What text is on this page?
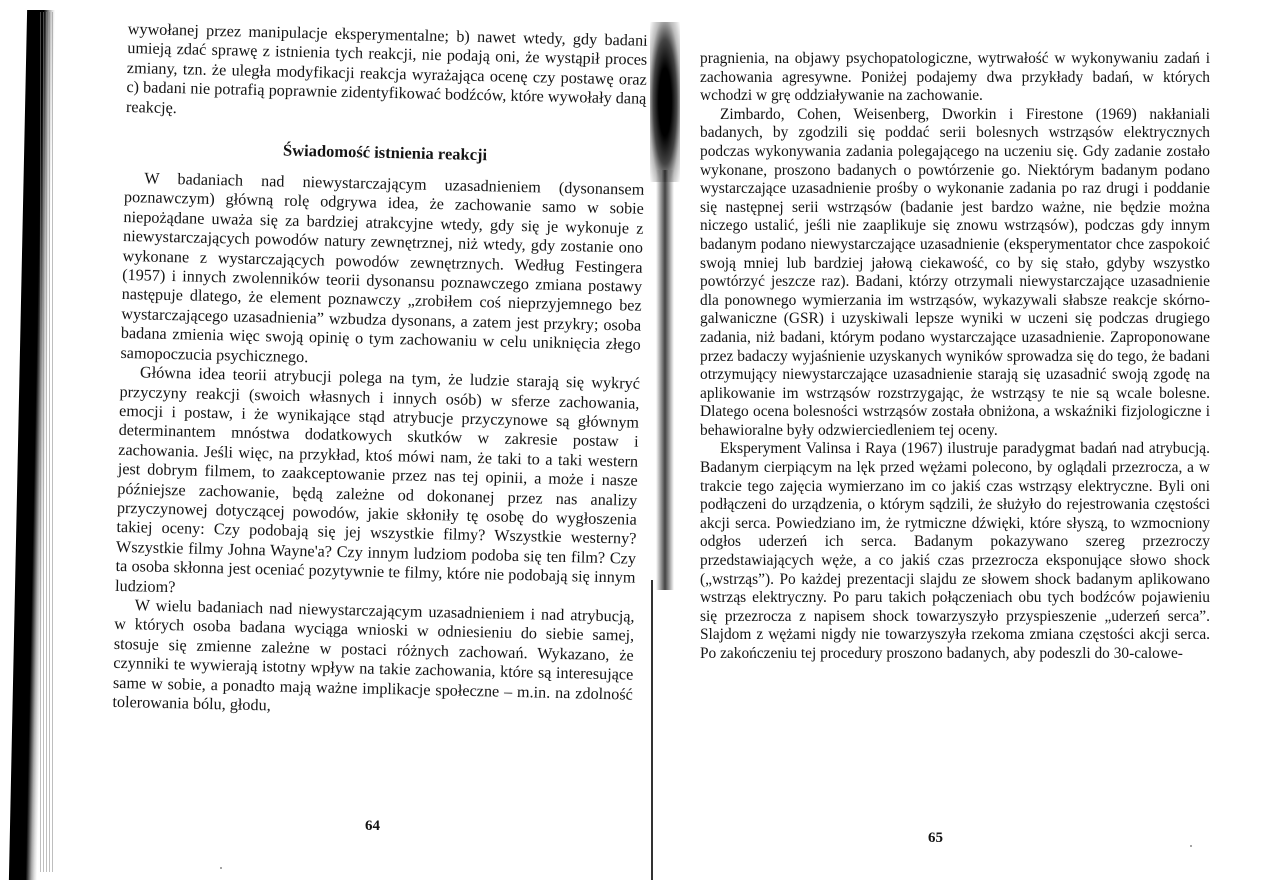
wywołanej przez manipulacje eksperymentalne; b) nawet wtedy, gdy badani umieją zdać sprawę z istnienia tych reakcji, nie podają oni, że wystąpił proces zmiany, tzn. że uległa modyfikacji reakcja wyrażająca ocenę czy postawę oraz c) badani nie potrafią poprawnie zidentyfikować bodźców, które wywołały daną reakcję.

Świadomość istnienia reakcji

W badaniach nad niewystarczającym uzasadnieniem (dysonansem poznawczym) główną rolę odgrywa idea, że zachowanie samo w sobie niepożądane uważa się za bardziej atrakcyjne wtedy, gdy się je wykonuje z niewystarczających powodów natury zewnętrznej, niż wtedy, gdy zostanie ono wykonane z wystarczających powodów zewnętrznych. Według Festingera (1957) i innych zwolenników teorii dysonansu poznawczego zmiana postawy następuje dlatego, że element poznawczy „zrobiłem coś nieprzyjemnego bez wystarczającego uzasadnienia” wzbudza dysonans, a zatem jest przykry; osoba badana zmienia więc swoją opinię o tym zachowaniu w celu uniknięcia złego samopoczucia psychicznego.

Główna idea teorii atrybucji polega na tym, że ludzie starają się wykryć przyczyny reakcji (swoich własnych i innych osób) w sferze zachowania, emocji i postaw, i że wynikające stąd atrybucje przyczynowe są głównym determinantem mnóstwa dodatkowych skutków w zakresie postaw i zachowania. Jeśli więc, na przykład, ktoś mówi nam, że taki to a taki western jest dobrym filmem, to zaakceptowanie przez nas tej opinii, a może i nasze późniejsze zachowanie, będą zależne od dokonanej przez nas analizy przyczynowej dotyczącej powodów, jakie skłoniły tę osobę do wygłoszenia takiej oceny: Czy podobają się jej wszystkie filmy? Wszystkie westerny? Wszystkie filmy Johna Wayne'a? Czy innym ludziom podoba się ten film? Czy ta osoba skłonna jest oceniać pozytywnie te filmy, które nie podobają się innym ludziom?

W wielu badaniach nad niewystarczającym uzasadnieniem i nad atrybucją, w których osoba badana wyciąga wnioski w odniesieniu do siebie samej, stosuje się zmienne zależne w postaci różnych zachowań. Wykazano, że czynniki te wywierają istotny wpływ na takie zachowania, które są interesujące same w sobie, a ponadto mają ważne implikacje społeczne – m.in. na zdolność tolerowania bólu, głodu,

64

pragnienia, na objawy psychopatologiczne, wytrwałość w wykonywaniu zadań i zachowania agresywne. Poniżej podajemy dwa przykłady badań, w których wchodzi w grę oddziaływanie na zachowanie.

Zimbardo, Cohen, Weisenberg, Dworkin i Firestone (1969) nakłaniali badanych, by zgodzili się poddać serii bolesnych wstrząsów elektrycznych podczas wykonywania zadania polegającego na uczeniu się. Gdy zadanie zostało wykonane, proszono badanych o powtórzenie go. Niektórym badanym podano wystarczające uzasadnienie prośby o wykonanie zadania po raz drugi i poddanie się następnej serii wstrząsów (badanie jest bardzo ważne, nie będzie można niczego ustalić, jeśli nie zaaplikuje się znowu wstrząsów), podczas gdy innym badanym podano niewystarczające uzasadnienie (eksperymentator chce zaspokoić swoją mniej lub bardziej jałową ciekawość, co by się stało, gdyby wszystko powtórzyć jeszcze raz). Badani, którzy otrzymali niewystarczające uzasadnienie dla ponownego wymierzania im wstrząsów, wykazywali słabsze reakcje skórno-galwaniczne (GSR) i uzyskiwali lepsze wyniki w uczeni się podczas drugiego zadania, niż badani, którym podano wystarczające uzasadnienie. Zaproponowane przez badaczy wyjaśnienie uzyskanych wyników sprowadza się do tego, że badani otrzymujący niewystarczające uzasadnienie starają się uzasadnić swoją zgodę na aplikowanie im wstrząsów rozstrzygając, że wstrząsy te nie są wcale bolesne. Dlatego ocena bolesności wstrząsów została obniżona, a wskaźniki fizjologiczne i behawioralne były odzwierciedleniem tej oceny.

Eksperyment Valinsa i Raya (1967) ilustruje paradygmat badań nad atrybucją. Badanym cierpiącym na lęk przed wężami polecono, by oglądali przezrocza, a w trakcie tego zajęcia wymierzano im co jakiś czas wstrząsy elektryczne. Byli oni podłączeni do urządzenia, o którym sądzili, że służyło do rejestrowania częstości akcji serca. Powiedziano im, że rytmiczne dźwięki, które słyszą, to wzmocniony odgłos uderzeń ich serca. Badanym pokazywano szereg przezroczy przedstawiających węże, a co jakiś czas przezrocza eksponujące słowo shock („wstrząs”). Po każdej prezentacji slajdu ze słowem shock badanym aplikowano wstrząs elektryczny. Po paru takich połączeniach obu tych bodźców pojawieniu się przezrocza z napisem shock towarzyszyło przyspieszenie „uderzeń serca”. Slajdom z wężami nigdy nie towarzyszyła rzekoma zmiana częstości akcji serca. Po zakończeniu tej procedury proszono badanych, aby podeszli do 30-calowe-

65
